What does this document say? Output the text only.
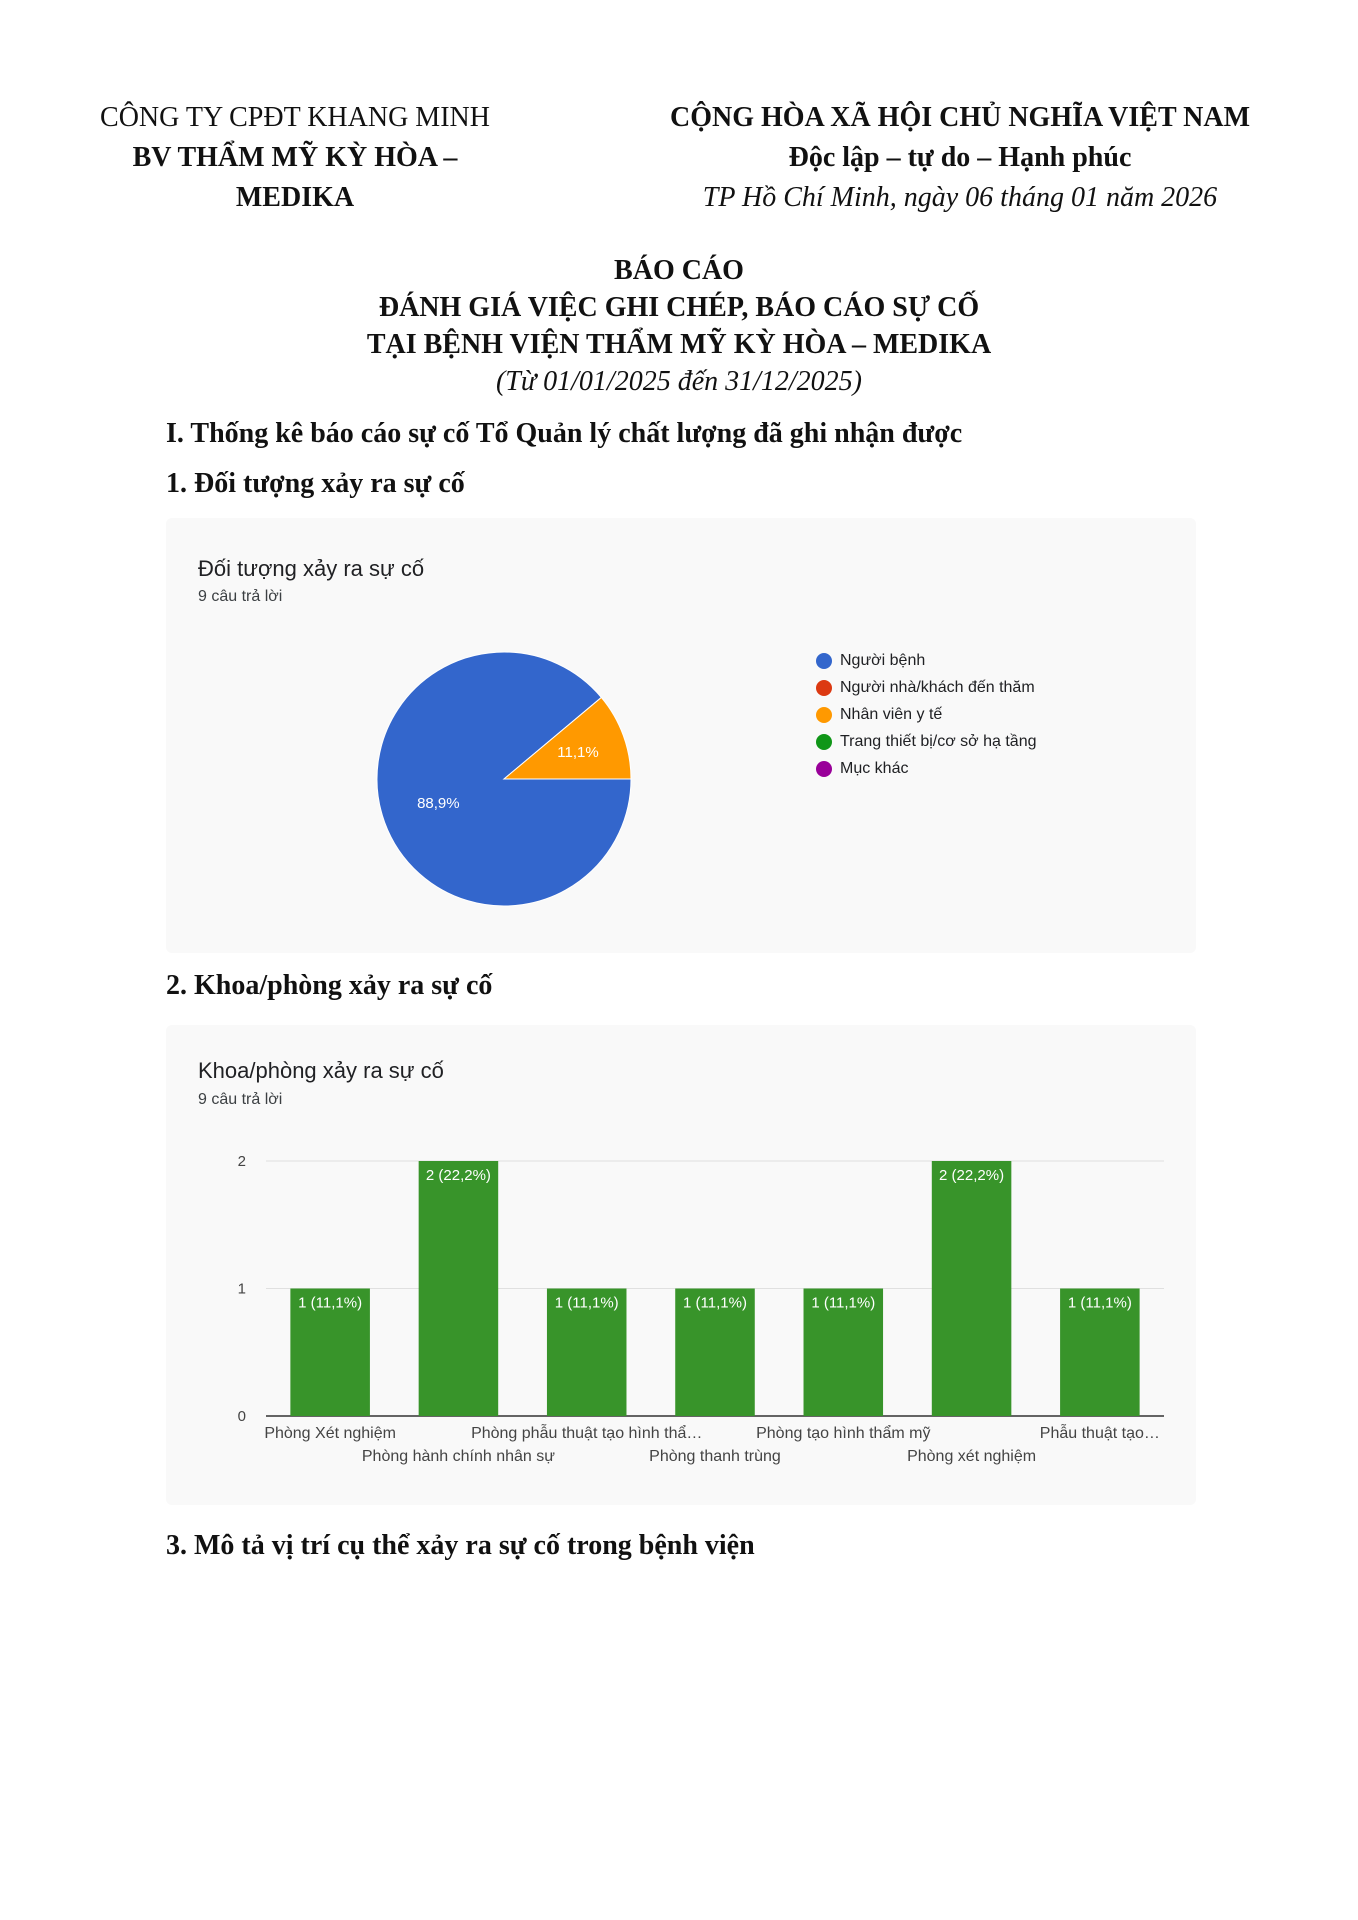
CÔNG TY CPĐT KHANG MINH
BV THẨM MỸ KỲ HÒA – MEDIKA
CỘNG HÒA XÃ HỘI CHỦ NGHĨA VIỆT NAM
Độc lập – tự do – Hạnh phúc
TP Hồ Chí Minh, ngày 06 tháng 01 năm 2026
BÁO CÁO
ĐÁNH GIÁ VIỆC GHI CHÉP, BÁO CÁO SỰ CỐ
TẠI BỆNH VIỆN THẨM MỸ KỲ HÒA – MEDIKA
(Từ 01/01/2025 đến 31/12/2025)
I. Thống kê báo cáo sự cố Tổ Quản lý chất lượng đã ghi nhận được
1. Đối tượng xảy ra sự cố
Đối tượng xảy ra sự cố
9 câu trả lời
88,9%
11,1%
Người bệnh
Người nhà/khách đến thăm
Nhân viên y tế
Trang thiết bị/cơ sở hạ tầng
Mục khác
2. Khoa/phòng xảy ra sự cố
Khoa/phòng xảy ra sự cố
9 câu trả lời
0
1
2
1 (11,1%)
Phòng Xét nghiệm
2 (22,2%)
Phòng hành chính nhân sự
1 (11,1%)
Phòng phẫu thuật tạo hình thẩ…
1 (11,1%)
Phòng thanh trùng
1 (11,1%)
Phòng tạo hình thẩm mỹ
2 (22,2%)
Phòng xét nghiệm
1 (11,1%)
Phẫu thuật tạo…
3. Mô tả vị trí cụ thể xảy ra sự cố trong bệnh viện
